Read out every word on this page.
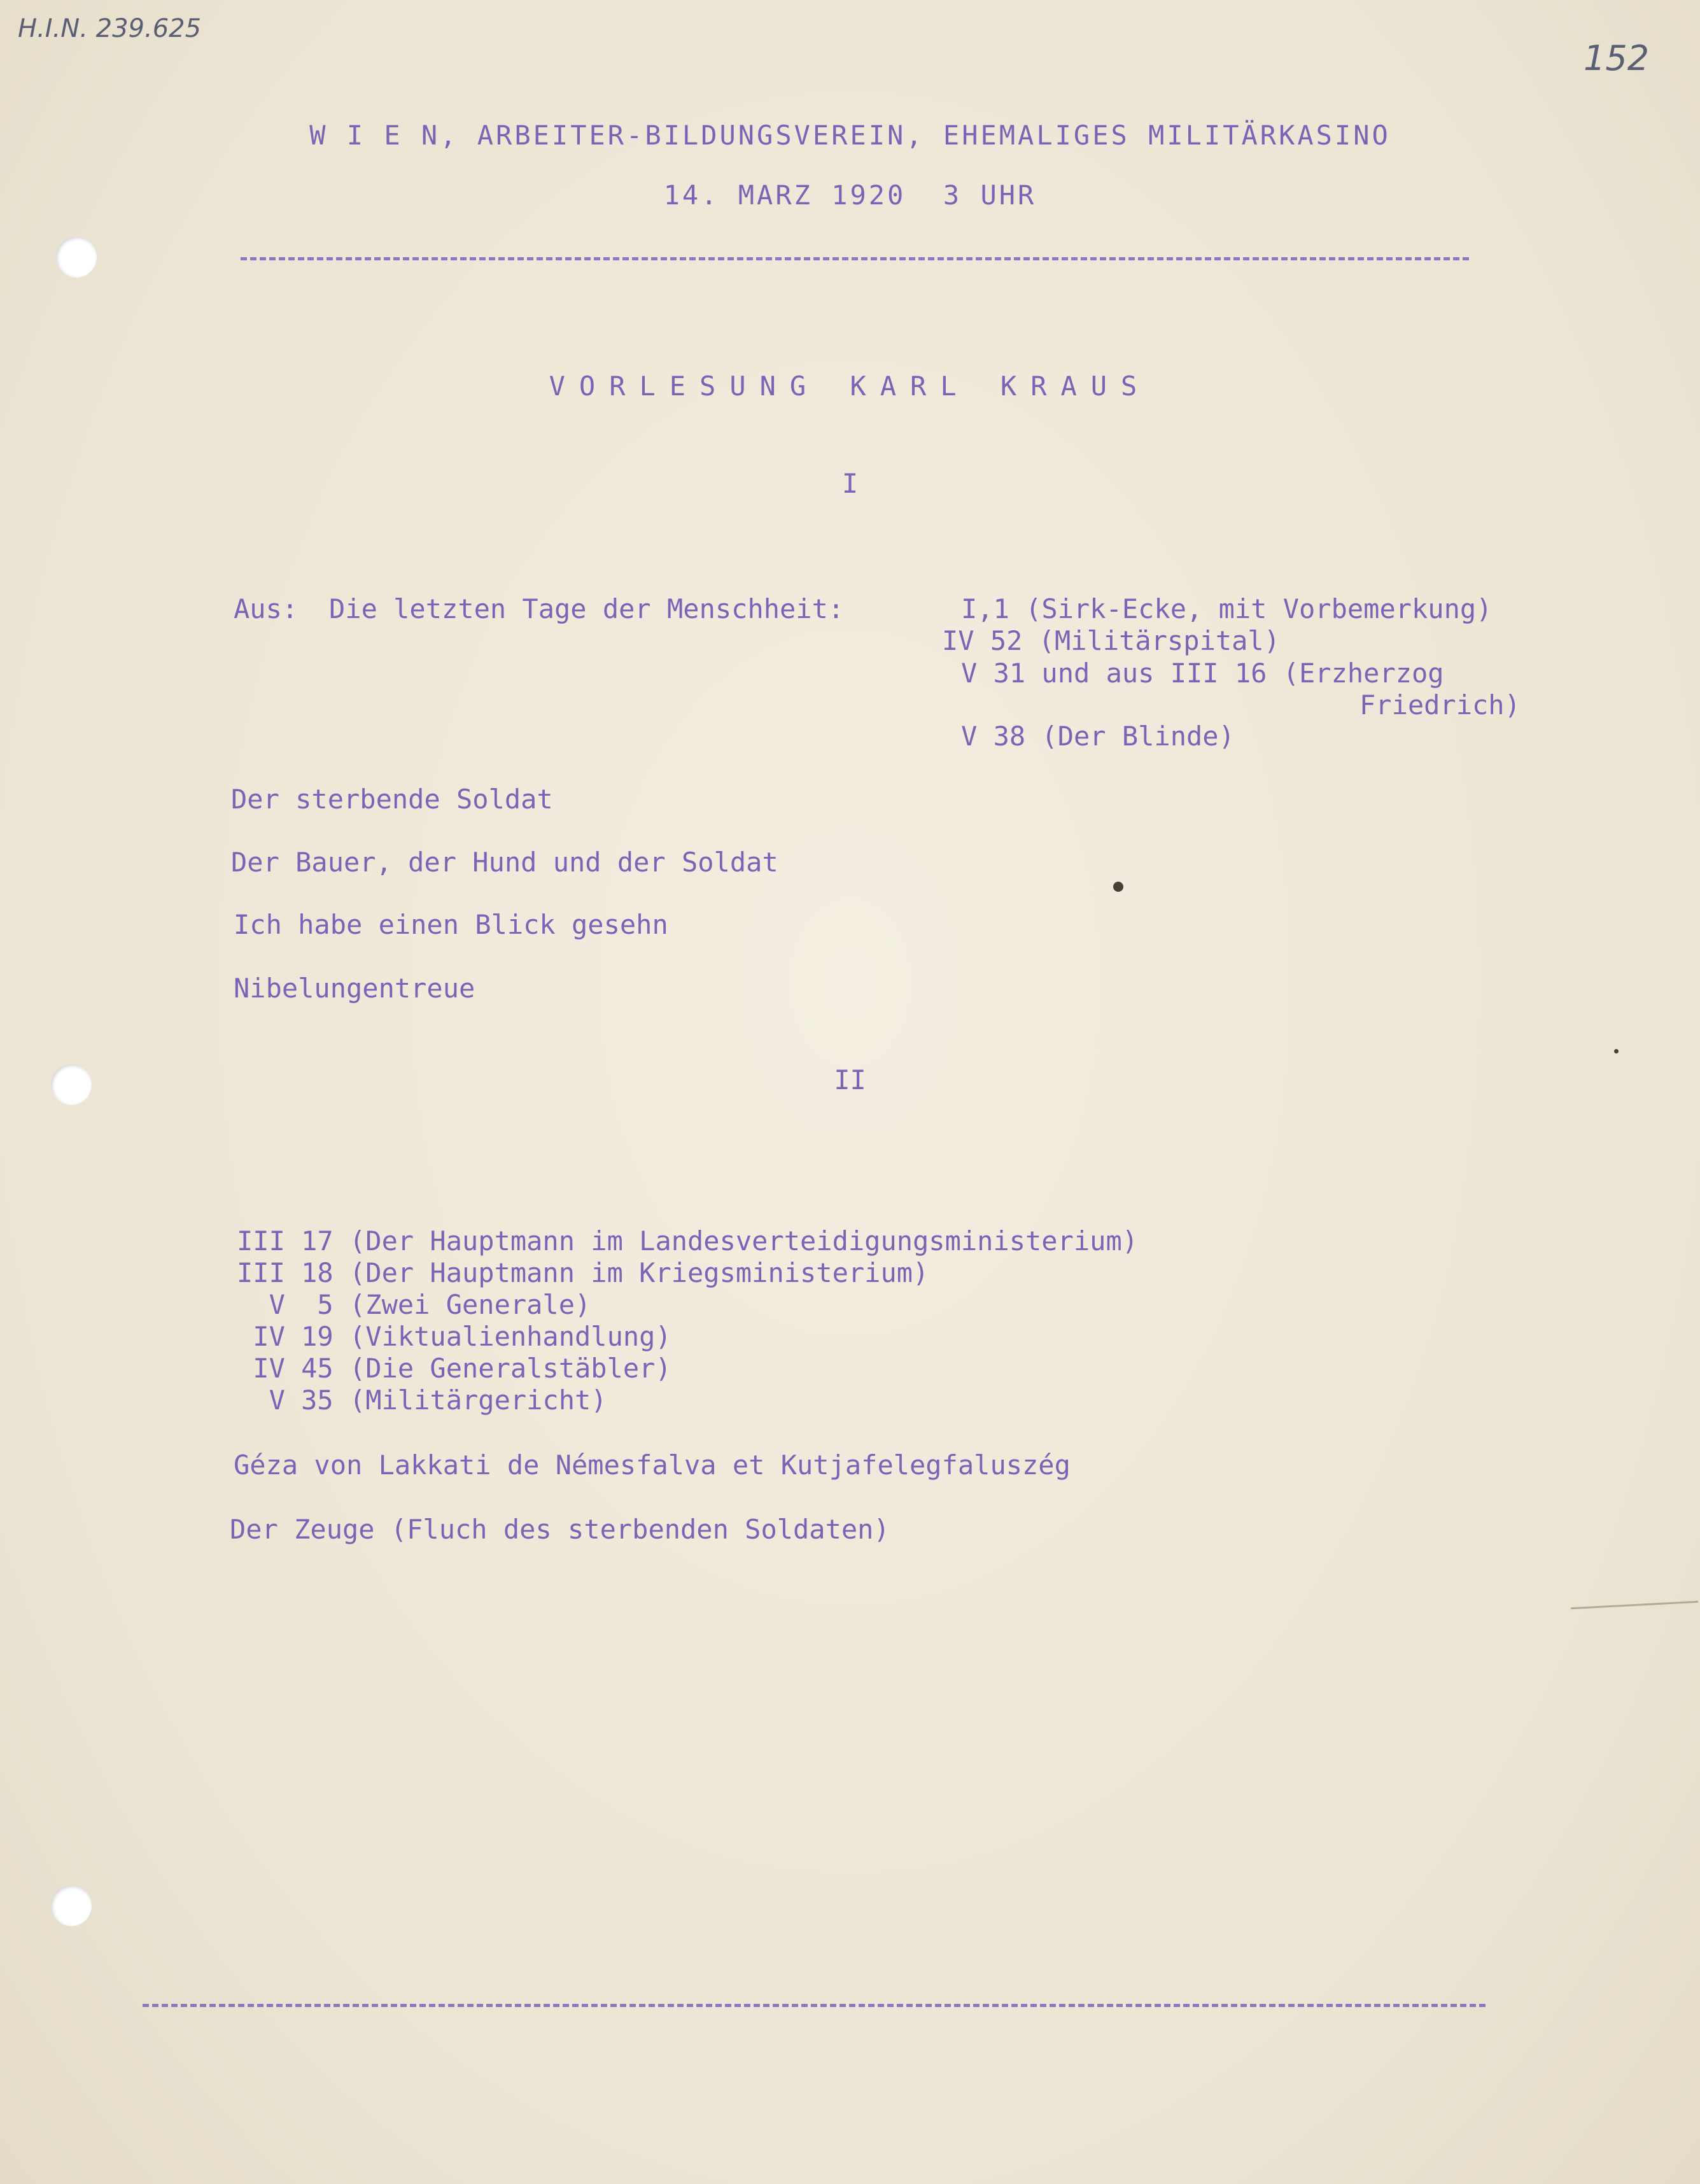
H.I.N. 239.625
152
W I E N, ARBEITER-BILDUNGSVEREIN, EHEMALIGES MILITÄRKASINO
14. MARZ 1920  3 UHR
VORLESUNG KARL KRAUS
I
Aus: Die letzten Tage der Menschheit:	I,1 (Sirk-Ecke, mit Vorbemerkung)
IV 52 (Militärspital)
V 31 und aus III 16 (Erzherzog
Friedrich)
V 38 (Der Blinde)
Der sterbende Soldat
Der Bauer, der Hund und der Soldat
Ich habe einen Blick gesehn
Nibelungentreue
II
III 17 (Der Hauptmann im Landesverteidigungsministerium)
III 18 (Der Hauptmann im Kriegsministerium)
V  5 (Zwei Generale)
IV 19 (Viktualienhandlung)
IV 45 (Die Generalstäbler)
V 35 (Militärgericht)
Géza von Lakkati de Némesfalva et Kutjafelegfaluszég
Der Zeuge (Fluch des sterbenden Soldaten)
